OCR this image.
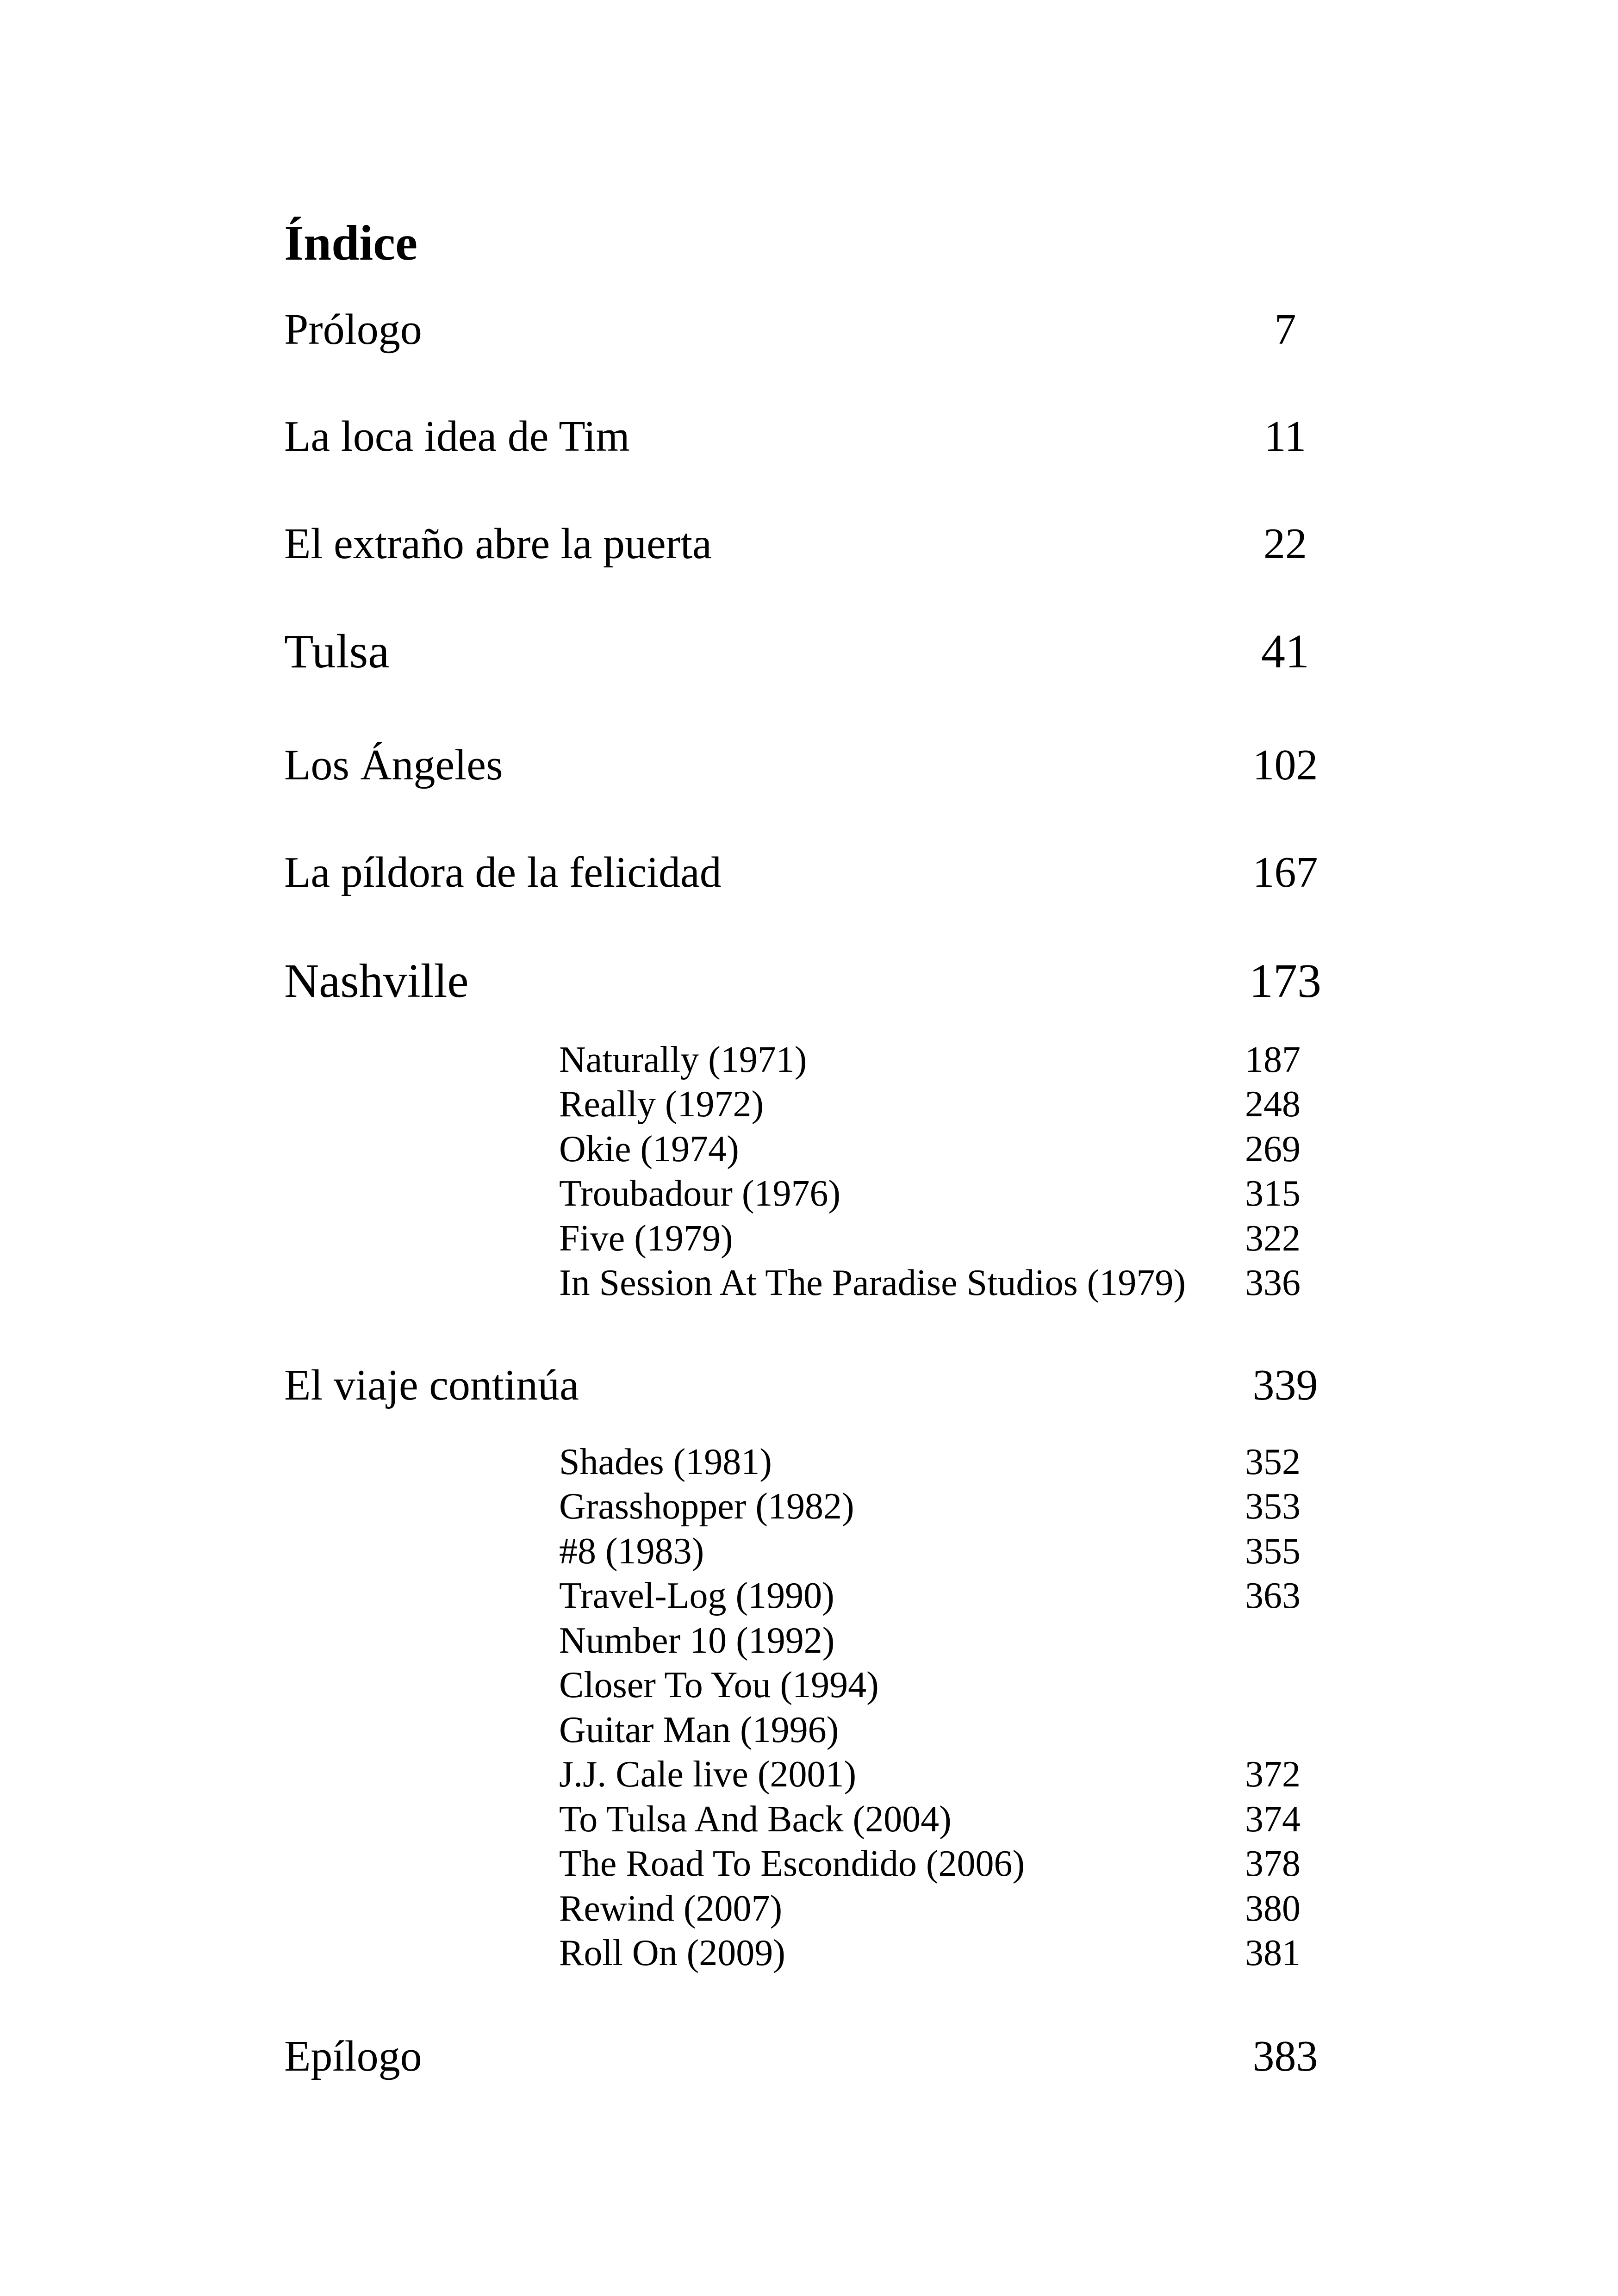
Índice
Prólogo	7
La loca idea de Tim	11
El extraño abre la puerta	22
Tulsa	41
Los Ángeles	102
La píldora de la felicidad	167
Nashville	173
Naturally (1971)	187
Really (1972)	248
Okie (1974)	269
Troubadour (1976)	315
Five (1979)	322
In Session At The Paradise Studios (1979) 336
El viaje continúa	339
Shades (1981)	352
Grasshopper (1982)	353
#8 (1983)	355
Travel-Log (1990)	363
Number 10 (1992)
Closer To You (1994)
Guitar Man (1996)
J.J. Cale live (2001)	372
To Tulsa And Back (2004)	374
The Road To Escondido (2006)	378
Rewind (2007)	380
Roll On (2009)	381
Epílogo	383
